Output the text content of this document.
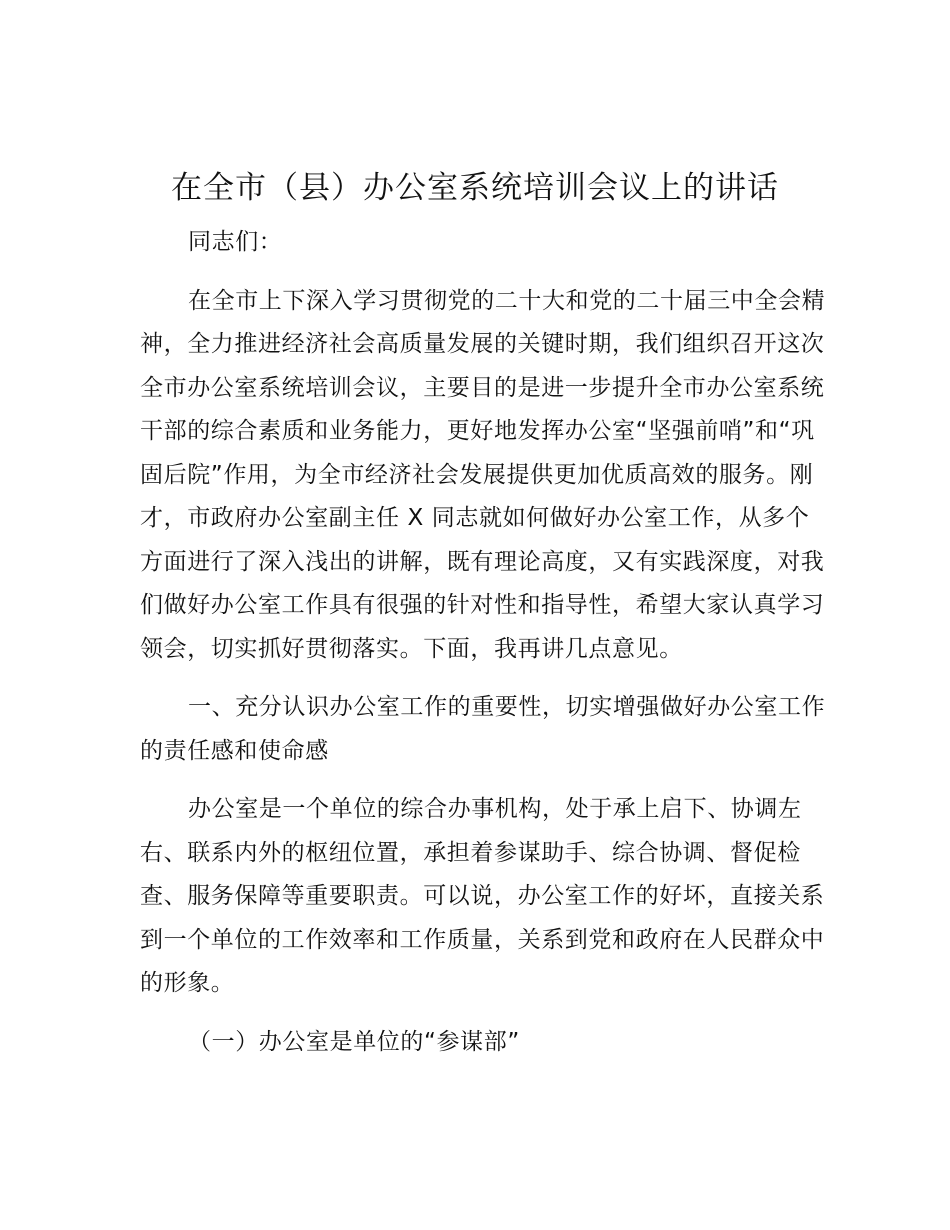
在全市（县）办公室系统培训会议上的讲话

同志们：

在全市上下深入学习贯彻党的二十大和党的二十届三中全会精神，全力推进经济社会高质量发展的关键时期，我们组织召开这次全市办公室系统培训会议，主要目的是进一步提升全市办公室系统干部的综合素质和业务能力，更好地发挥办公室“坚强前哨”和“巩固后院”作用，为全市经济社会发展提供更加优质高效的服务。刚才，市政府办公室副主任 X 同志就如何做好办公室工作，从多个方面进行了深入浅出的讲解，既有理论高度，又有实践深度，对我们做好办公室工作具有很强的针对性和指导性，希望大家认真学习领会，切实抓好贯彻落实。下面，我再讲几点意见。

一、充分认识办公室工作的重要性，切实增强做好办公室工作的责任感和使命感

办公室是一个单位的综合办事机构，处于承上启下、协调左右、联系内外的枢纽位置，承担着参谋助手、综合协调、督促检查、服务保障等重要职责。可以说，办公室工作的好坏，直接关系到一个单位的工作效率和工作质量，关系到党和政府在人民群众中的形象。

（一）办公室是单位的“参谋部”
